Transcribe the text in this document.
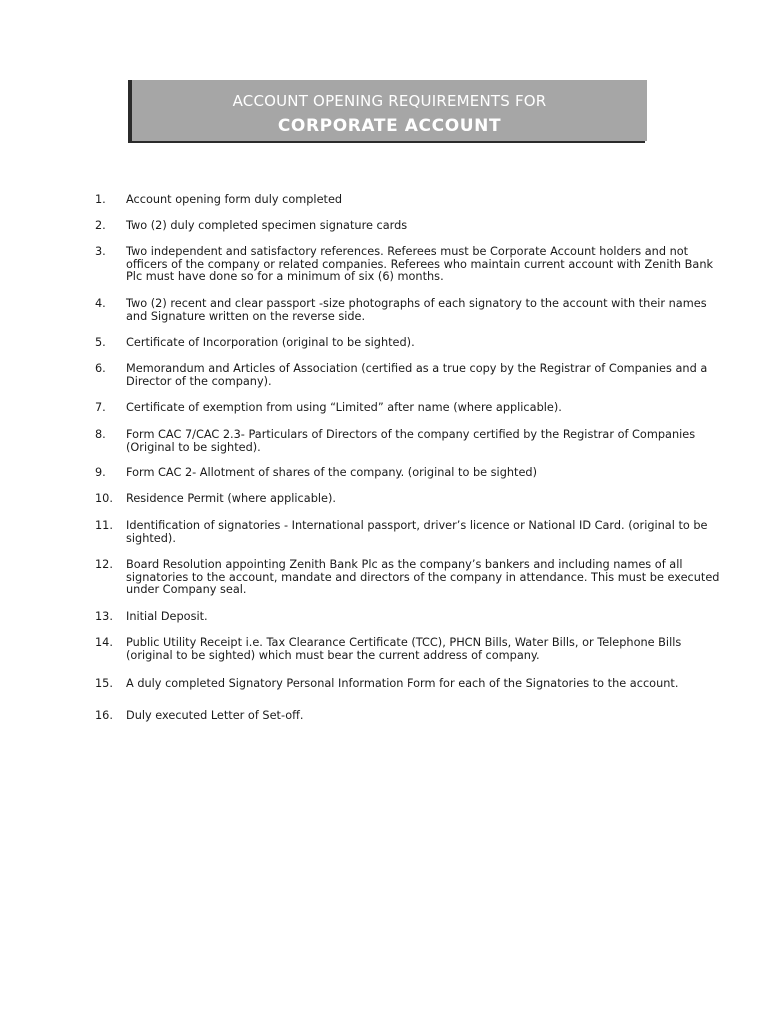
ACCOUNT OPENING REQUIREMENTS FOR
CORPORATE ACCOUNT
1.	Account opening form duly completed
2.	Two (2) duly completed specimen signature cards
3.	Two independent and satisfactory references. Referees must be Corporate Account holders and not officers of the company or related companies. Referees who maintain current account with Zenith Bank Plc must have done so for a minimum of six (6) months.
4.	Two (2) recent and clear passport -size photographs of each signatory to the account with their names and Signature written on the reverse side.
5.	Certificate of Incorporation (original to be sighted).
6.	Memorandum and Articles of Association (certified as a true copy by the Registrar of Companies and a Director of the company).
7.	Certificate of exemption from using “Limited” after name (where applicable).
8.	Form CAC 7/CAC 2.3- Particulars of Directors of the company certified by the Registrar of Companies (Original to be sighted).
9.	Form CAC 2- Allotment of shares of the company. (original to be sighted)
10.	Residence Permit (where applicable).
11.	Identification of signatories - International passport, driver’s licence or National ID Card. (original to be sighted).
12.	Board Resolution appointing Zenith Bank Plc as the company’s bankers and including names of all signatories to the account, mandate and directors of the company in attendance. This must be executed under Company seal.
13.	Initial Deposit.
14.	Public Utility Receipt i.e. Tax Clearance Certificate (TCC), PHCN Bills, Water Bills, or Telephone Bills (original to be sighted) which must bear the current address of company.
15.	A duly completed Signatory Personal Information Form for each of the Signatories to the account.
16.	Duly executed Letter of Set-off.
